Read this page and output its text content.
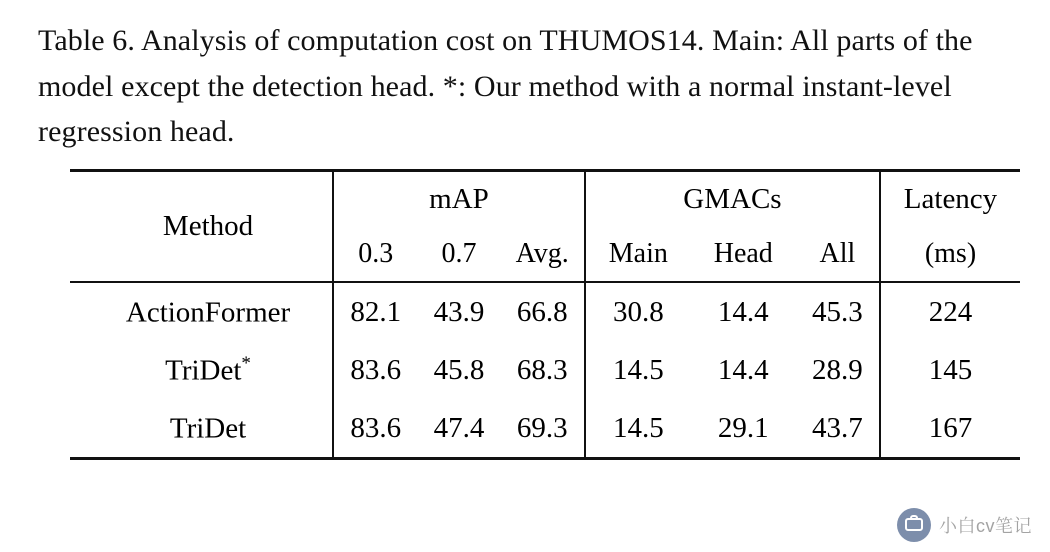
Table 6. Analysis of computation cost on THUMOS14. Main: All parts of the model except the detection head. *: Our method with a normal instant-level regression head.

Method	mAP			GMACs			Latency
	0.3	0.7	Avg.	Main	Head	All	(ms)
ActionFormer	82.1	43.9	66.8	30.8	14.4	45.3	224
TriDet*	83.6	45.8	68.3	14.5	14.4	28.9	145
TriDet	83.6	47.4	69.3	14.5	29.1	43.7	167
小白cv笔记
